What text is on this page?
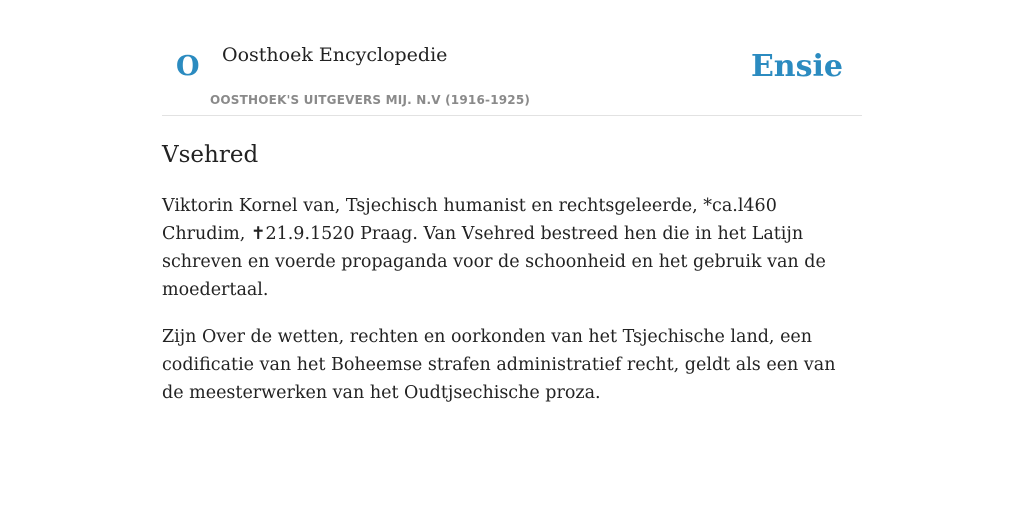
O Oosthoek Encyclopedie
OOSTHOEK'S UITGEVERS MIJ. N.V (1916-1925)
Ensie
Vsehred

Viktorin Kornel van, Tsjechisch humanist en rechtsgeleerde, *ca.l460 Chrudim, ✝21.9.1520 Praag. Van Vsehred bestreed hen die in het Latijn schreven en voerde propaganda voor de schoonheid en het gebruik van de moedertaal.

Zijn Over de wetten, rechten en oorkonden van het Tsjechische land, een codificatie van het Boheemse strafen administratief recht, geldt als een van de meesterwerken van het Oudtjsechische proza.
